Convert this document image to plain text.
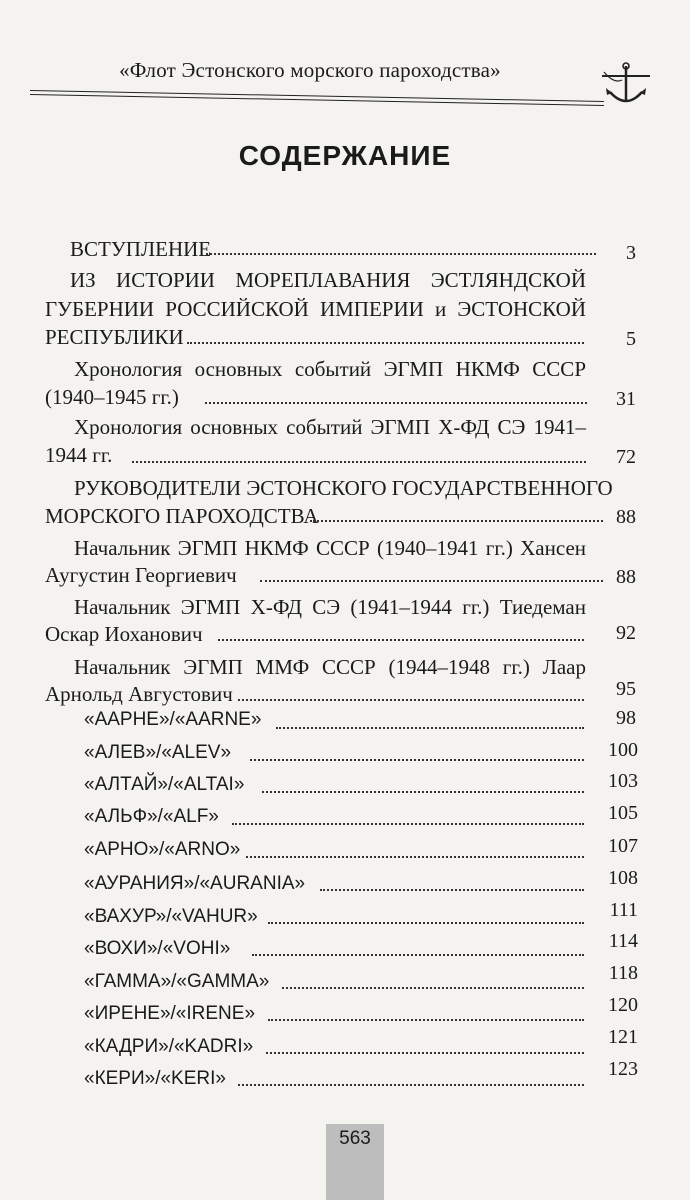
«Флот Эстонского морского пароходства»
СОДЕРЖАНИЕ
ВСТУПЛЕНИЕ	3
ИЗ ИСТОРИИ МОРЕПЛАВАНИЯ ЭСТЛЯНДСКОЙ
ГУБЕРНИИ РОССИЙСКОЙ ИМПЕРИИ и ЭСТОНСКОЙ
РЕСПУБЛИКИ	5
Хронология основных событий ЭГМП НКМФ СССР
(1940–1945 гг.)	31
Хронология основных событий ЭГМП Х-ФД СЭ 1941–
1944 гг.	72
РУКОВОДИТЕЛИ ЭСТОНСКОГО ГОСУДАРСТВЕННОГО
МОРСКОГО ПАРОХОДСТВА	88
Начальник ЭГМП НКМФ СССР (1940–1941 гг.) Хансен
Аугустин Георгиевич	88
Начальник ЭГМП Х-ФД СЭ (1941–1944 гг.) Тиедеман
Оскар Иоханович	92
Начальник ЭГМП ММФ СССР (1944–1948 гг.) Лаар
Арнольд Августович	95
«ААРНЕ»/«AARNE»	98
«АЛЕВ»/«ALEV»	100
«АЛТАЙ»/«ALTAI»	103
«АЛЬФ»/«ALF»	105
«АРНО»/«ARNO»	107
«АУРАНИЯ»/«AURANIA»	108
«ВАХУР»/«VAHUR»	111
«ВОХИ»/«VOHI»	114
«ГАММА»/«GAMMA»	118
«ИРЕНЕ»/«IRENE»	120
«КАДРИ»/«KADRI»	121
«КЕРИ»/«KERI»	123
563
